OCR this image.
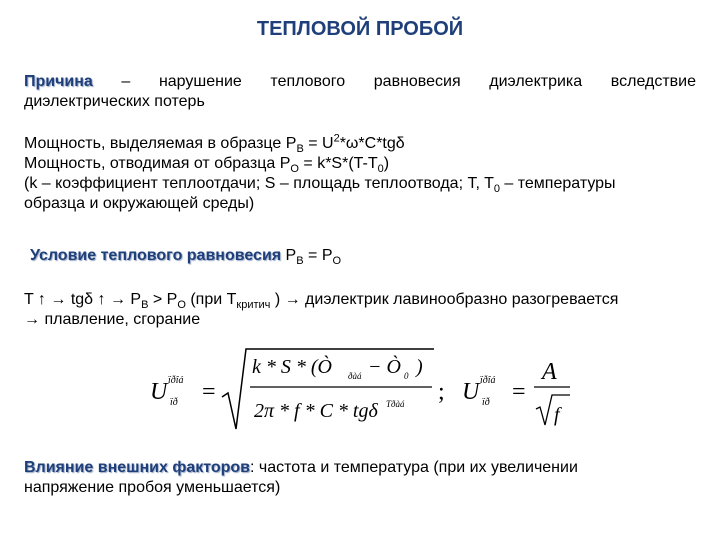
ТЕПЛОВОЙ ПРОБОЙ
Причина – нарушение теплового равновесия диэлектрика вследствие
диэлектрических потерь
Мощность, выделяемая в образце $P_B = U^2*\omega*C*tg\delta$
Мощность, отводимая от образца $P_O = k*S*(T-T_0)$
(k – коэффициент теплоотдачи; S – площадь теплоотвода; T, $T_0$ – температуры
образца и окружающей среды)
Условие теплового равновесия $P_B = P_O$
T ↑ → tgδ ↑ → $P_B > P_O$ (при $T_{критич}$ ) → диэлектрик лавинообразно разогревается
→ плавление, сгорание
U ïðîá
ïð =
k * S * (Ò ðàá − Ò 0 )
2π * f * C * tgδ Tðàá ; U ïðîá
ïð =
A
f
Влияние внешних факторов: частота и температура (при их увеличении
напряжение пробоя уменьшается)
